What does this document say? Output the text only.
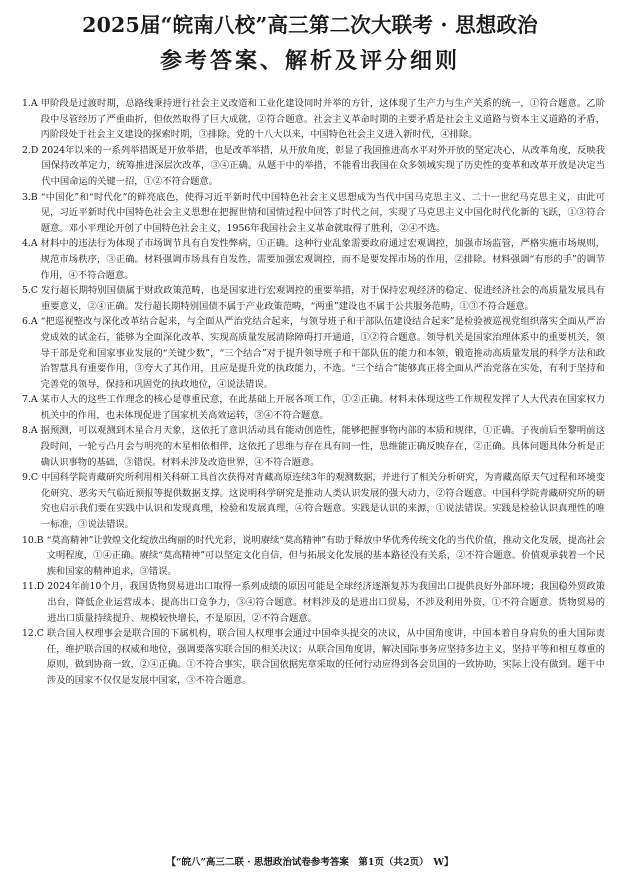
2025届“皖南八校”高三第二次大联考 · 思想政治
参考答案、解析及评分细则
1.A 甲阶段是过渡时期，总路线秉持进行社会主义改造和工业化建设同时并举的方针，这体现了生产力与生产关系的统一，①符合题意。乙阶段中尽管经历了严重曲折，但依然取得了巨大成就，②符合题意。社会主义革命时期的主要矛盾是社会主义道路与资本主义道路的矛盾，丙阶段处于社会主义建设的探索时期，③排除。党的十八大以来，中国特色社会主义进入新时代，④排除。
2.D 2024年以来的一系列举措既是开放举措，也是改革举措，从开放角度，彰显了我国推进高水平对外开放的坚定决心，从改革角度，反映我国保持改革定力，统筹推进深层次改革，③④正确。从题干中的举措，不能看出我国在众多领域实现了历史性的变革和改革开放是决定当代中国命运的关键一招，①②不符合题意。
3.B “中国化”和“时代化”的鲜亮底色，使得习近平新时代中国特色社会主义思想成为当代中国马克思主义、二十一世纪马克思主义，由此可见，习近平新时代中国特色社会主义思想在把握世情和国情过程中回答了时代之问，实现了马克思主义中国化时代化新的飞跃，①③符合题意。邓小平理论开创了中国特色社会主义，1956年我国社会主义革命就取得了胜利，②④不选。
4.A 材料中的违法行为体现了市场调节具有自发性弊病，①正确。这种行业乱象需要政府通过宏观调控，加强市场监管，严格实施市场规则，规范市场秩序，③正确。材料强调市场具有自发性，需要加强宏观调控，而不是要发挥市场的作用，②排除。材料强调“有形的手”的调节作用，④不符合题意。
5.C 发行超长期特别国债属于财政政策范畴，也是国家进行宏观调控的重要举措，对于保持宏观经济的稳定、促进经济社会的高质量发展具有重要意义，②④正确。发行超长期特别国债不属于产业政策范畴，“两重”建设也不属于公共服务范畴，①③不符合题意。
6.A “把巡视整改与深化改革结合起来，与全面从严治党结合起来，与领导班子和干部队伍建设结合起来”是检验被巡视党组织落实全面从严治党成效的试金石，能够为全面深化改革、实现高质量发展清除障碍打开通道，①②符合题意。领导机关是国家治理体系中的重要机关，领导干部是党和国家事业发展的“关键少数”，“三个结合”对于提升领导班子和干部队伍的能力和本领，锻造推动高质量发展的科学方法和政治智慧具有重要作用，③夸大了其作用，且应是提升党的执政能力，不选。“三个结合”能够真正将全面从严治党落在实处，有利于坚持和完善党的领导，保持和巩固党的执政地位，④说法错误。
7.A 某市人大的这些工作理念的核心是尊重民意，在此基础上开展各项工作，①②正确。材料未体现这些工作规程发挥了人大代表在国家权力机关中的作用，也未体现促进了国家机关高效运转，③④不符合题意。
8.A 据预测，可以观测到木星合月天象，这依托了意识活动具有能动创造性，能够把握事物内部的本质和规律，①正确。子夜前后至黎明前这段时间，一轮亏凸月会与明亮的木星相依相伴，这依托了思维与存在具有同一性，思维能正确反映存在，②正确。具体问题具体分析是正确认识事物的基础，③错误。材料未涉及改造世界，④不符合题意。
9.C 中国科学院青藏研究所利用相关科研工具首次获得对青藏高原连续3年的观测数据，并进行了相关分析研究，为青藏高原天气过程和环境变化研究、恶劣天气临近预报等提供数据支撑。这说明科学研究是推动人类认识发展的强大动力，②符合题意。中国科学院青藏研究所的研究也启示我们要在实践中认识和发现真理，检验和发展真理，④符合题意。实践是认识的来源，①说法错误。实践是检验认识真理性的唯一标准，③说法错误。
10.B “莫高精神”让敦煌文化绽放出绚丽的时代光彩，说明赓续“莫高精神”有助于释放中华优秀传统文化的当代价值，推动文化发展，提高社会文明程度，①④正确。赓续“莫高精神”可以坚定文化自信，但与拓展文化发展的基本路径没有关系，②不符合题意。价值观承载着一个民族和国家的精神追求，③错误。
11.D 2024年前10个月，我国货物贸易进出口取得一系列成绩的原因可能是全球经济逐渐复苏为我国出口提供良好外部环境；我国稳外贸政策出台，降低企业运营成本、提高出口竞争力，③④符合题意。材料涉及的是进出口贸易，不涉及利用外资，①不符合题意。货物贸易的进出口质量持续提升、规模较快增长，不是原因，②不符合题意。
12.C 联合国人权理事会是联合国的下属机构，联合国人权理事会通过中国牵头提交的决议，从中国角度讲，中国本着自身肩负的重大国际责任，维护联合国的权威和地位，强调要落实联合国的相关决议；从联合国角度讲，解决国际事务应坚持多边主义，坚持平等和相互尊重的原则，做到协商一致，②④正确。①不符合事实，联合国依据宪章采取的任何行动应得到各会员国的一致协助，实际上没有做到。题干中涉及的国家不仅仅是发展中国家，③不符合题意。
【“皖八”高三二联 · 思想政治试卷参考答案　第1页（共2页）　W】
